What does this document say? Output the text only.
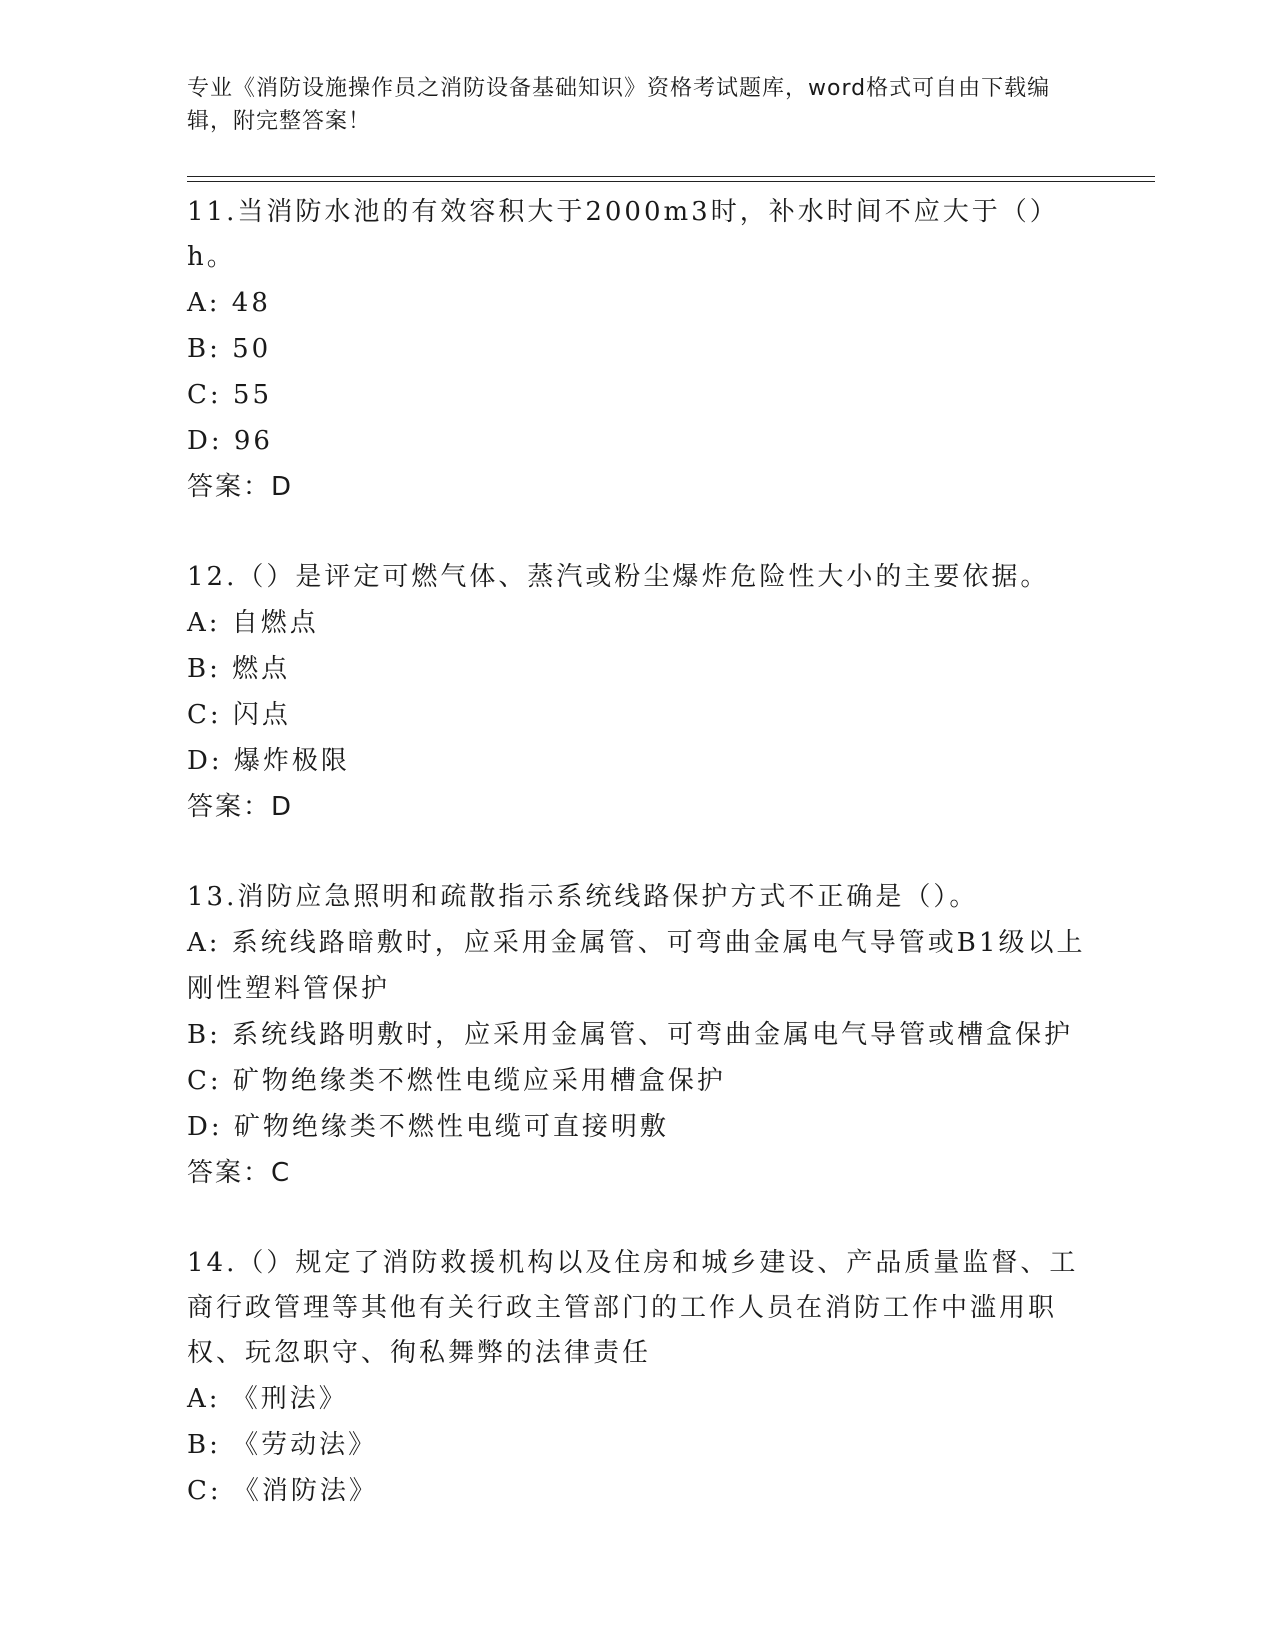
专业《消防设施操作员之消防设备基础知识》资格考试题库，word格式可自由下载编辑，附完整答案！
11.当消防水池的有效容积大于2000m3时，补水时间不应大于（）h。
A: 48
B: 50
C: 55
D: 96
答案：D
12.（）是评定可燃气体、蒸汽或粉尘爆炸危险性大小的主要依据。
A: 自燃点
B: 燃点
C: 闪点
D: 爆炸极限
答案：D
13.消防应急照明和疏散指示系统线路保护方式不正确是（）。
A: 系统线路暗敷时，应采用金属管、可弯曲金属电气导管或B1级以上刚性塑料管保护
B: 系统线路明敷时，应采用金属管、可弯曲金属电气导管或槽盒保护
C: 矿物绝缘类不燃性电缆应采用槽盒保护
D: 矿物绝缘类不燃性电缆可直接明敷
答案：C
14.（）规定了消防救援机构以及住房和城乡建设、产品质量监督、工商行政管理等其他有关行政主管部门的工作人员在消防工作中滥用职权、玩忽职守、徇私舞弊的法律责任
A: 《刑法》
B: 《劳动法》
C: 《消防法》
